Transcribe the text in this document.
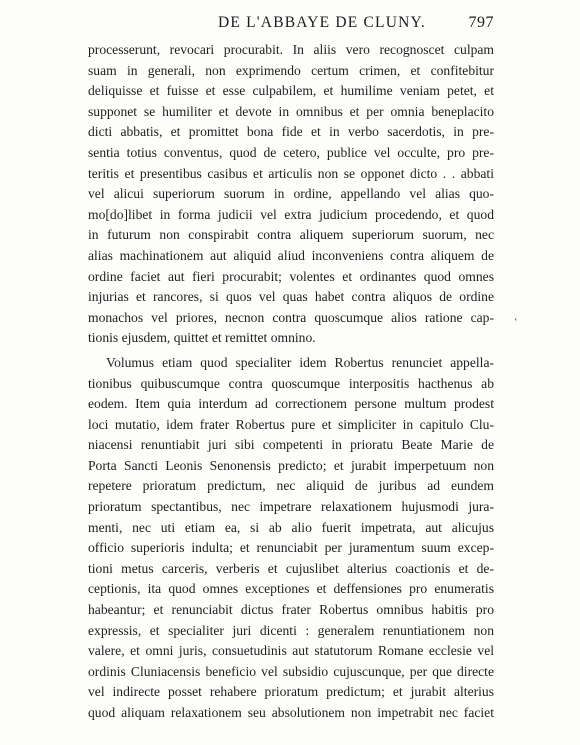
DE L'ABBAYE DE CLUNY.	797
processerunt, revocari procurabit. In aliis vero recognoscet culpam
suam in generali, non exprimendo certum crimen, et confitebitur
deliquisse et fuisse et esse culpabilem, et humilime veniam petet, et
supponet se humiliter et devote in omnibus et per omnia beneplacito
dicti abbatis, et promittet bona fide et in verbo sacerdotis, in pre-
sentia totius conventus, quod de cetero, publice vel occulte, pro pre-
teritis et presentibus casibus et articulis non se opponet dicto . . abbati
vel alicui superiorum suorum in ordine, appellando vel alias quo-
mo[do]libet in forma judicii vel extra judicium procedendo, et quod
in futurum non conspirabit contra aliquem superiorum suorum, nec
alias machinationem aut aliquid aliud inconveniens contra aliquem de
ordine faciet aut fieri procurabit; volentes et ordinantes quod omnes
injurias et rancores, si quos vel quas habet contra aliquos de ordine
monachos vel priores, necnon contra quoscumque alios ratione cap-
tionis ejusdem, quittet et remittet omnino.
Volumus etiam quod specialiter idem Robertus renunciet appella-
tionibus quibuscumque contra quoscumque interpositis hacthenus ab
eodem. Item quia interdum ad correctionem persone multum prodest
loci mutatio, idem frater Robertus pure et simpliciter in capitulo Clu-
niacensi renuntiabit juri sibi competenti in prioratu Beate Marie de
Porta Sancti Leonis Senonensis predicto; et jurabit imperpetuum non
repetere prioratum predictum, nec aliquid de juribus ad eundem
prioratum spectantibus, nec impetrare relaxationem hujusmodi jura-
menti, nec uti etiam ea, si ab alio fuerit impetrata, aut alicujus
officio superioris indulta; et renunciabit per juramentum suum excep-
tioni metus carceris, verberis et cujuslibet alterius coactionis et de-
ceptionis, ita quod omnes exceptiones et deffensiones pro enumeratis
habeantur; et renunciabit dictus frater Robertus omnibus habitis pro
expressis, et specialiter juri dicenti : generalem renuntiationem non
valere, et omni juris, consuetudinis aut statutorum Romane ecclesie vel
ordinis Cluniacensis beneficio vel subsidio cujuscunque, per que directe
vel indirecte posset rehabere prioratum predictum; et jurabit alterius
quod aliquam relaxationem seu absolutionem non impetrabit nec faciet
ʻ
